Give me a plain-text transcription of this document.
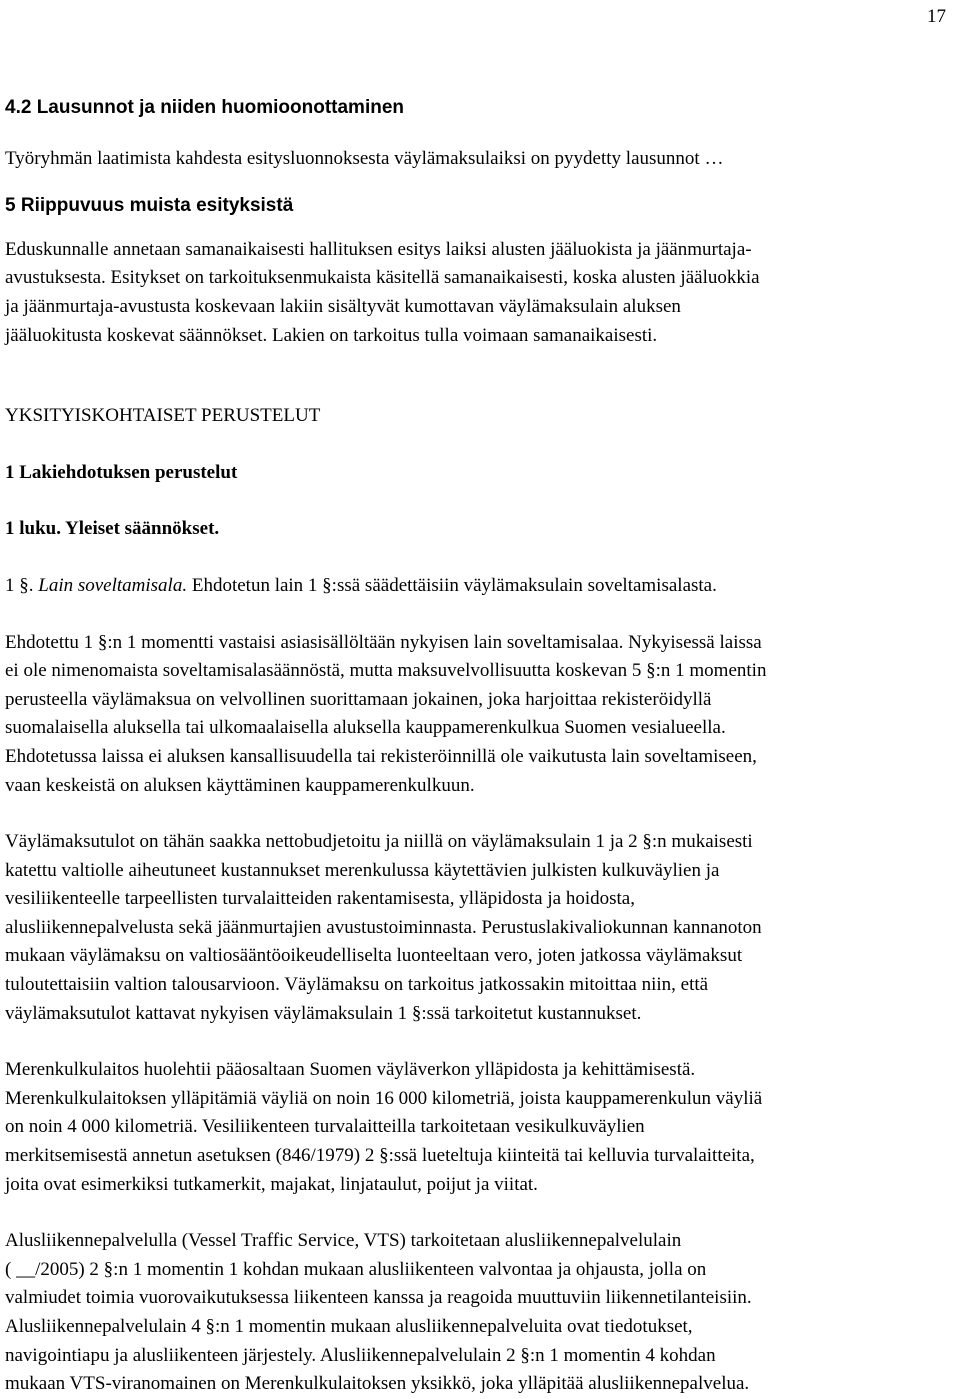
17

4.2 Lausunnot ja niiden huomioonottaminen

Työryhmän laatimista kahdesta esitysluonnoksesta väylämaksulaiksi on pyydetty lausunnot …

5 Riippuvuus muista esityksistä

Eduskunnalle annetaan samanaikaisesti hallituksen esitys laiksi alusten jääluokista ja jäänmurtaja-
avustuksesta. Esitykset on tarkoituksenmukaista käsitellä samanaikaisesti, koska alusten jääluokkia
ja jäänmurtaja-avustusta koskevaan lakiin sisältyvät kumottavan väylämaksulain aluksen
jääluokitusta koskevat säännökset. Lakien on tarkoitus tulla voimaan samanaikaisesti.

YKSITYISKOHTAISET PERUSTELUT

1 Lakiehdotuksen perustelut

1 luku. Yleiset säännökset.

1 §. Lain soveltamisala. Ehdotetun lain 1 §:ssä säädettäisiin väylämaksulain soveltamisalasta.

Ehdotettu 1 §:n 1 momentti vastaisi asiasisällöltään nykyisen lain soveltamisalaa. Nykyisessä laissa
ei ole nimenomaista soveltamisalasäännöstä, mutta maksuvelvollisuutta koskevan 5 §:n 1 momentin
perusteella väylämaksua on velvollinen suorittamaan jokainen, joka harjoittaa rekisteröidyllä
suomalaisella aluksella tai ulkomaalaisella aluksella kauppamerenkulkua Suomen vesialueella.
Ehdotetussa laissa ei aluksen kansallisuudella tai rekisteröinnillä ole vaikutusta lain soveltamiseen,
vaan keskeistä on aluksen käyttäminen kauppamerenkulkuun.
Väylämaksutulot on tähän saakka nettobudjetoitu ja niillä on väylämaksulain 1 ja 2 §:n mukaisesti
katettu valtiolle aiheutuneet kustannukset merenkulussa käytettävien julkisten kulkuväylien ja
vesiliikenteelle tarpeellisten turvalaitteiden rakentamisesta, ylläpidosta ja hoidosta,
alusliikennepalvelusta sekä jäänmurtajien avustustoiminnasta. Perustuslakivaliokunnan kannanoton
mukaan väylämaksu on valtiosääntöoikeudelliselta luonteeltaan vero, joten jatkossa väylämaksut
tuloutettaisiin valtion talousarvioon. Väylämaksu on tarkoitus jatkossakin mitoittaa niin, että
väylämaksutulot kattavat nykyisen väylämaksulain 1 §:ssä tarkoitetut kustannukset.
Merenkulkulaitos huolehtii pääosaltaan Suomen väyläverkon ylläpidosta ja kehittämisestä.
Merenkulkulaitoksen ylläpitämiä väyliä on noin 16 000 kilometriä, joista kauppamerenkulun väyliä
on noin 4 000 kilometriä. Vesiliikenteen turvalaitteilla tarkoitetaan vesikulkuväylien
merkitsemisestä annetun asetuksen (846/1979) 2 §:ssä lueteltuja kiinteitä tai kelluvia turvalaitteita,
joita ovat esimerkiksi tutkamerkit, majakat, linjataulut, poijut ja viitat.
Alusliikennepalvelulla (Vessel Traffic Service, VTS) tarkoitetaan alusliikennepalvelulain
( __/2005) 2 §:n 1 momentin 1 kohdan mukaan alusliikenteen valvontaa ja ohjausta, jolla on
valmiudet toimia vuorovaikutuksessa liikenteen kanssa ja reagoida muuttuviin liikennetilanteisiin.
Alusliikennepalvelulain 4 §:n 1 momentin mukaan alusliikennepalveluita ovat tiedotukset,
navigointiapu ja alusliikenteen järjestely. Alusliikennepalvelulain 2 §:n 1 momentin 4 kohdan
mukaan VTS-viranomainen on Merenkulkulaitoksen yksikkö, joka ylläpitää alusliikennepalvelua.
